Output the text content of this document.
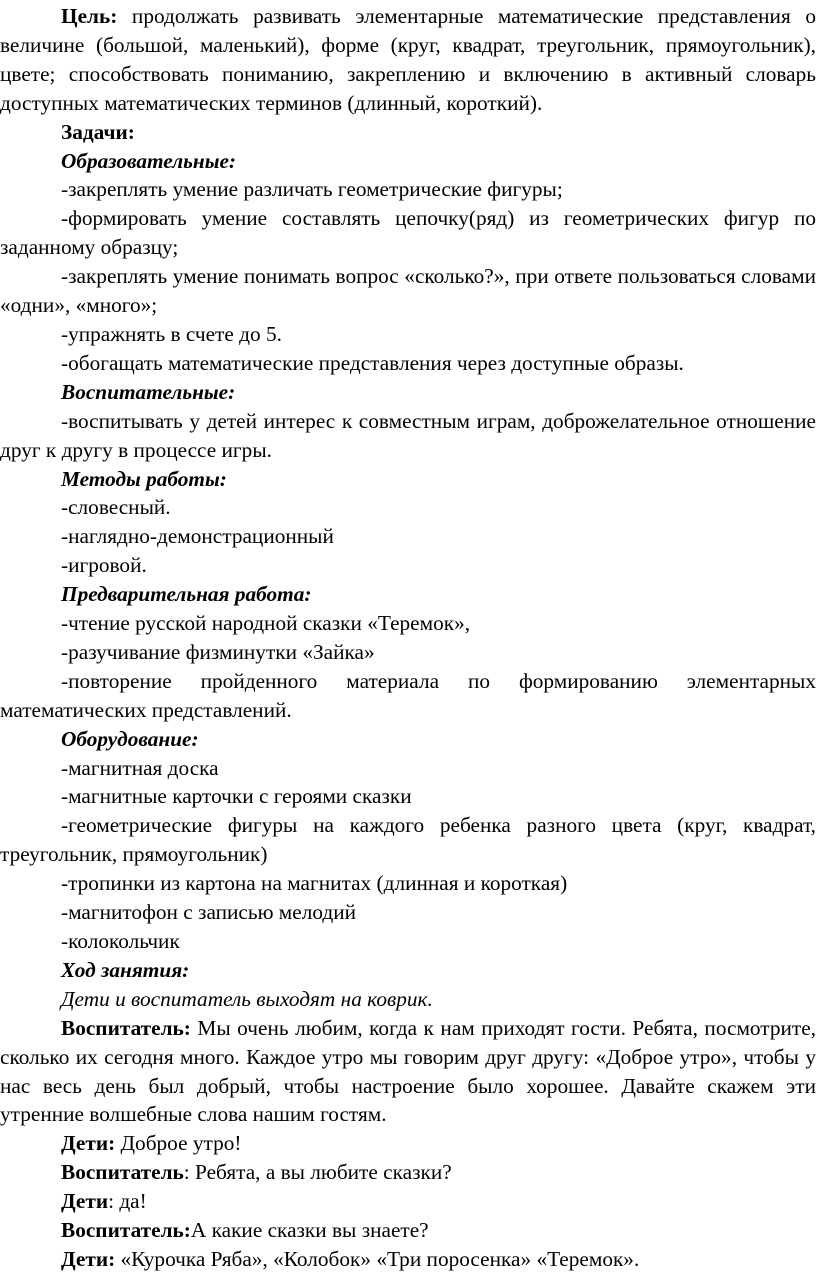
Цель: продолжать развивать элементарные математические представления о величине (большой, маленький), форме (круг, квадрат, треугольник, прямоугольник), цвете; способствовать пониманию, закреплению и включению в активный словарь доступных математических терминов (длинный, короткий).

Задачи:

Образовательные:

-закреплять умение различать геометрические фигуры;

-формировать умение составлять цепочку(ряд) из геометрических фигур по заданному образцу;

-закреплять умение понимать вопрос «сколько?», при ответе пользоваться словами «одни», «много»;

-упражнять в счете до 5.

-обогащать математические представления через доступные образы.

Воспитательные:

-воспитывать у детей интерес к совместным играм, доброжелательное отношение друг к другу в процессе игры.

Методы работы:

-словесный.

-наглядно-демонстрационный

-игровой.

Предварительная работа:

-чтение русской народной сказки «Теремок»,

-разучивание физминутки «Зайка»

-повторение пройденного материала по формированию элементарных математических представлений.

Оборудование:

-магнитная доска

-магнитные карточки с героями сказки

-геометрические фигуры на каждого ребенка разного цвета (круг, квадрат, треугольник, прямоугольник)

-тропинки из картона на магнитах (длинная и короткая)

-магнитофон с записью мелодий

-колокольчик

Ход занятия:

Дети и воспитатель выходят на коврик.

Воспитатель: Мы очень любим, когда к нам приходят гости. Ребята, посмотрите, сколько их сегодня много. Каждое утро мы говорим друг другу: «Доброе утро», чтобы у нас весь день был добрый, чтобы настроение было хорошее. Давайте скажем эти утренние волшебные слова нашим гостям.

Дети: Доброе утро!

Воспитатель: Ребята, а вы любите сказки?

Дети: да!

Воспитатель:А какие сказки вы знаете?

Дети: «Курочка Ряба», «Колобок» «Три поросенка» «Теремок».
